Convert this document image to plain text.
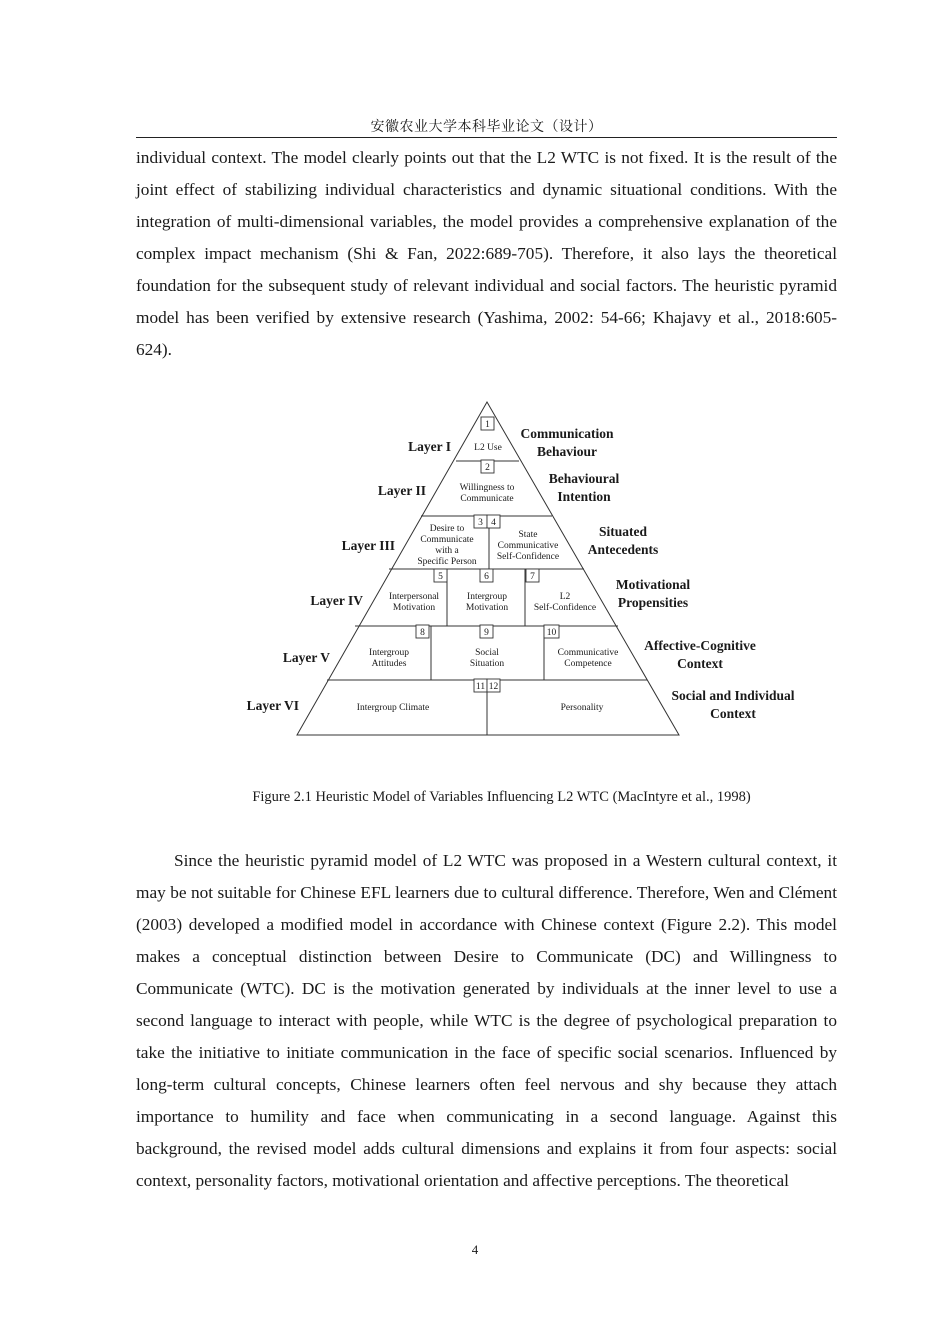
安徽农业大学本科毕业论文（设计）

individual context. The model clearly points out that the L2 WTC is not fixed. It is the result of the joint effect of stabilizing individual characteristics and dynamic situational conditions. With the integration of multi-dimensional variables, the model provides a comprehensive explanation of the complex impact mechanism (Shi & Fan, 2022:689-705). Therefore, it also lays the theoretical foundation for the subsequent study of relevant individual and social factors. The heuristic pyramid model has been verified by extensive research (Yashima, 2002: 54-66; Khajavy et al., 2018:605-624).

1
2
3 4
5	6	7
8	9	10
11 12
L2 Use
Willingness to
Communicate
Desire to
Communicate
with a
Specific Person
State
Communicative
Self-Confidence
Interpersonal
Motivation
Intergroup
Motivation
L2
Self-Confidence
Intergroup
Attitudes
Social
Situation
Communicative
Competence
Intergroup Climate	Personality
Layer I
Layer II
Layer III
Layer IV
Layer V
Layer VI
Communication
Behaviour
Behavioural
Intention
Situated
Antecedents
Motivational
Propensities
Affective-Cognitive
Context
Social and Individual
Context
Figure 2.1 Heuristic Model of Variables Influencing L2 WTC (MacIntyre et al., 1998)

Since the heuristic pyramid model of L2 WTC was proposed in a Western cultural context, it may be not suitable for Chinese EFL learners due to cultural difference. Therefore, Wen and Clément (2003) developed a modified model in accordance with Chinese context (Figure 2.2). This model makes a conceptual distinction between Desire to Communicate (DC) and Willingness to Communicate (WTC). DC is the motivation generated by individuals at the inner level to use a second language to interact with people, while WTC is the degree of psychological preparation to take the initiative to initiate communication in the face of specific social scenarios. Influenced by long-term cultural concepts, Chinese learners often feel nervous and shy because they attach importance to humility and face when communicating in a second language. Against this background, the revised model adds cultural dimensions and explains it from four aspects: social context, personality factors, motivational orientation and affective perceptions. The theoretical

4
